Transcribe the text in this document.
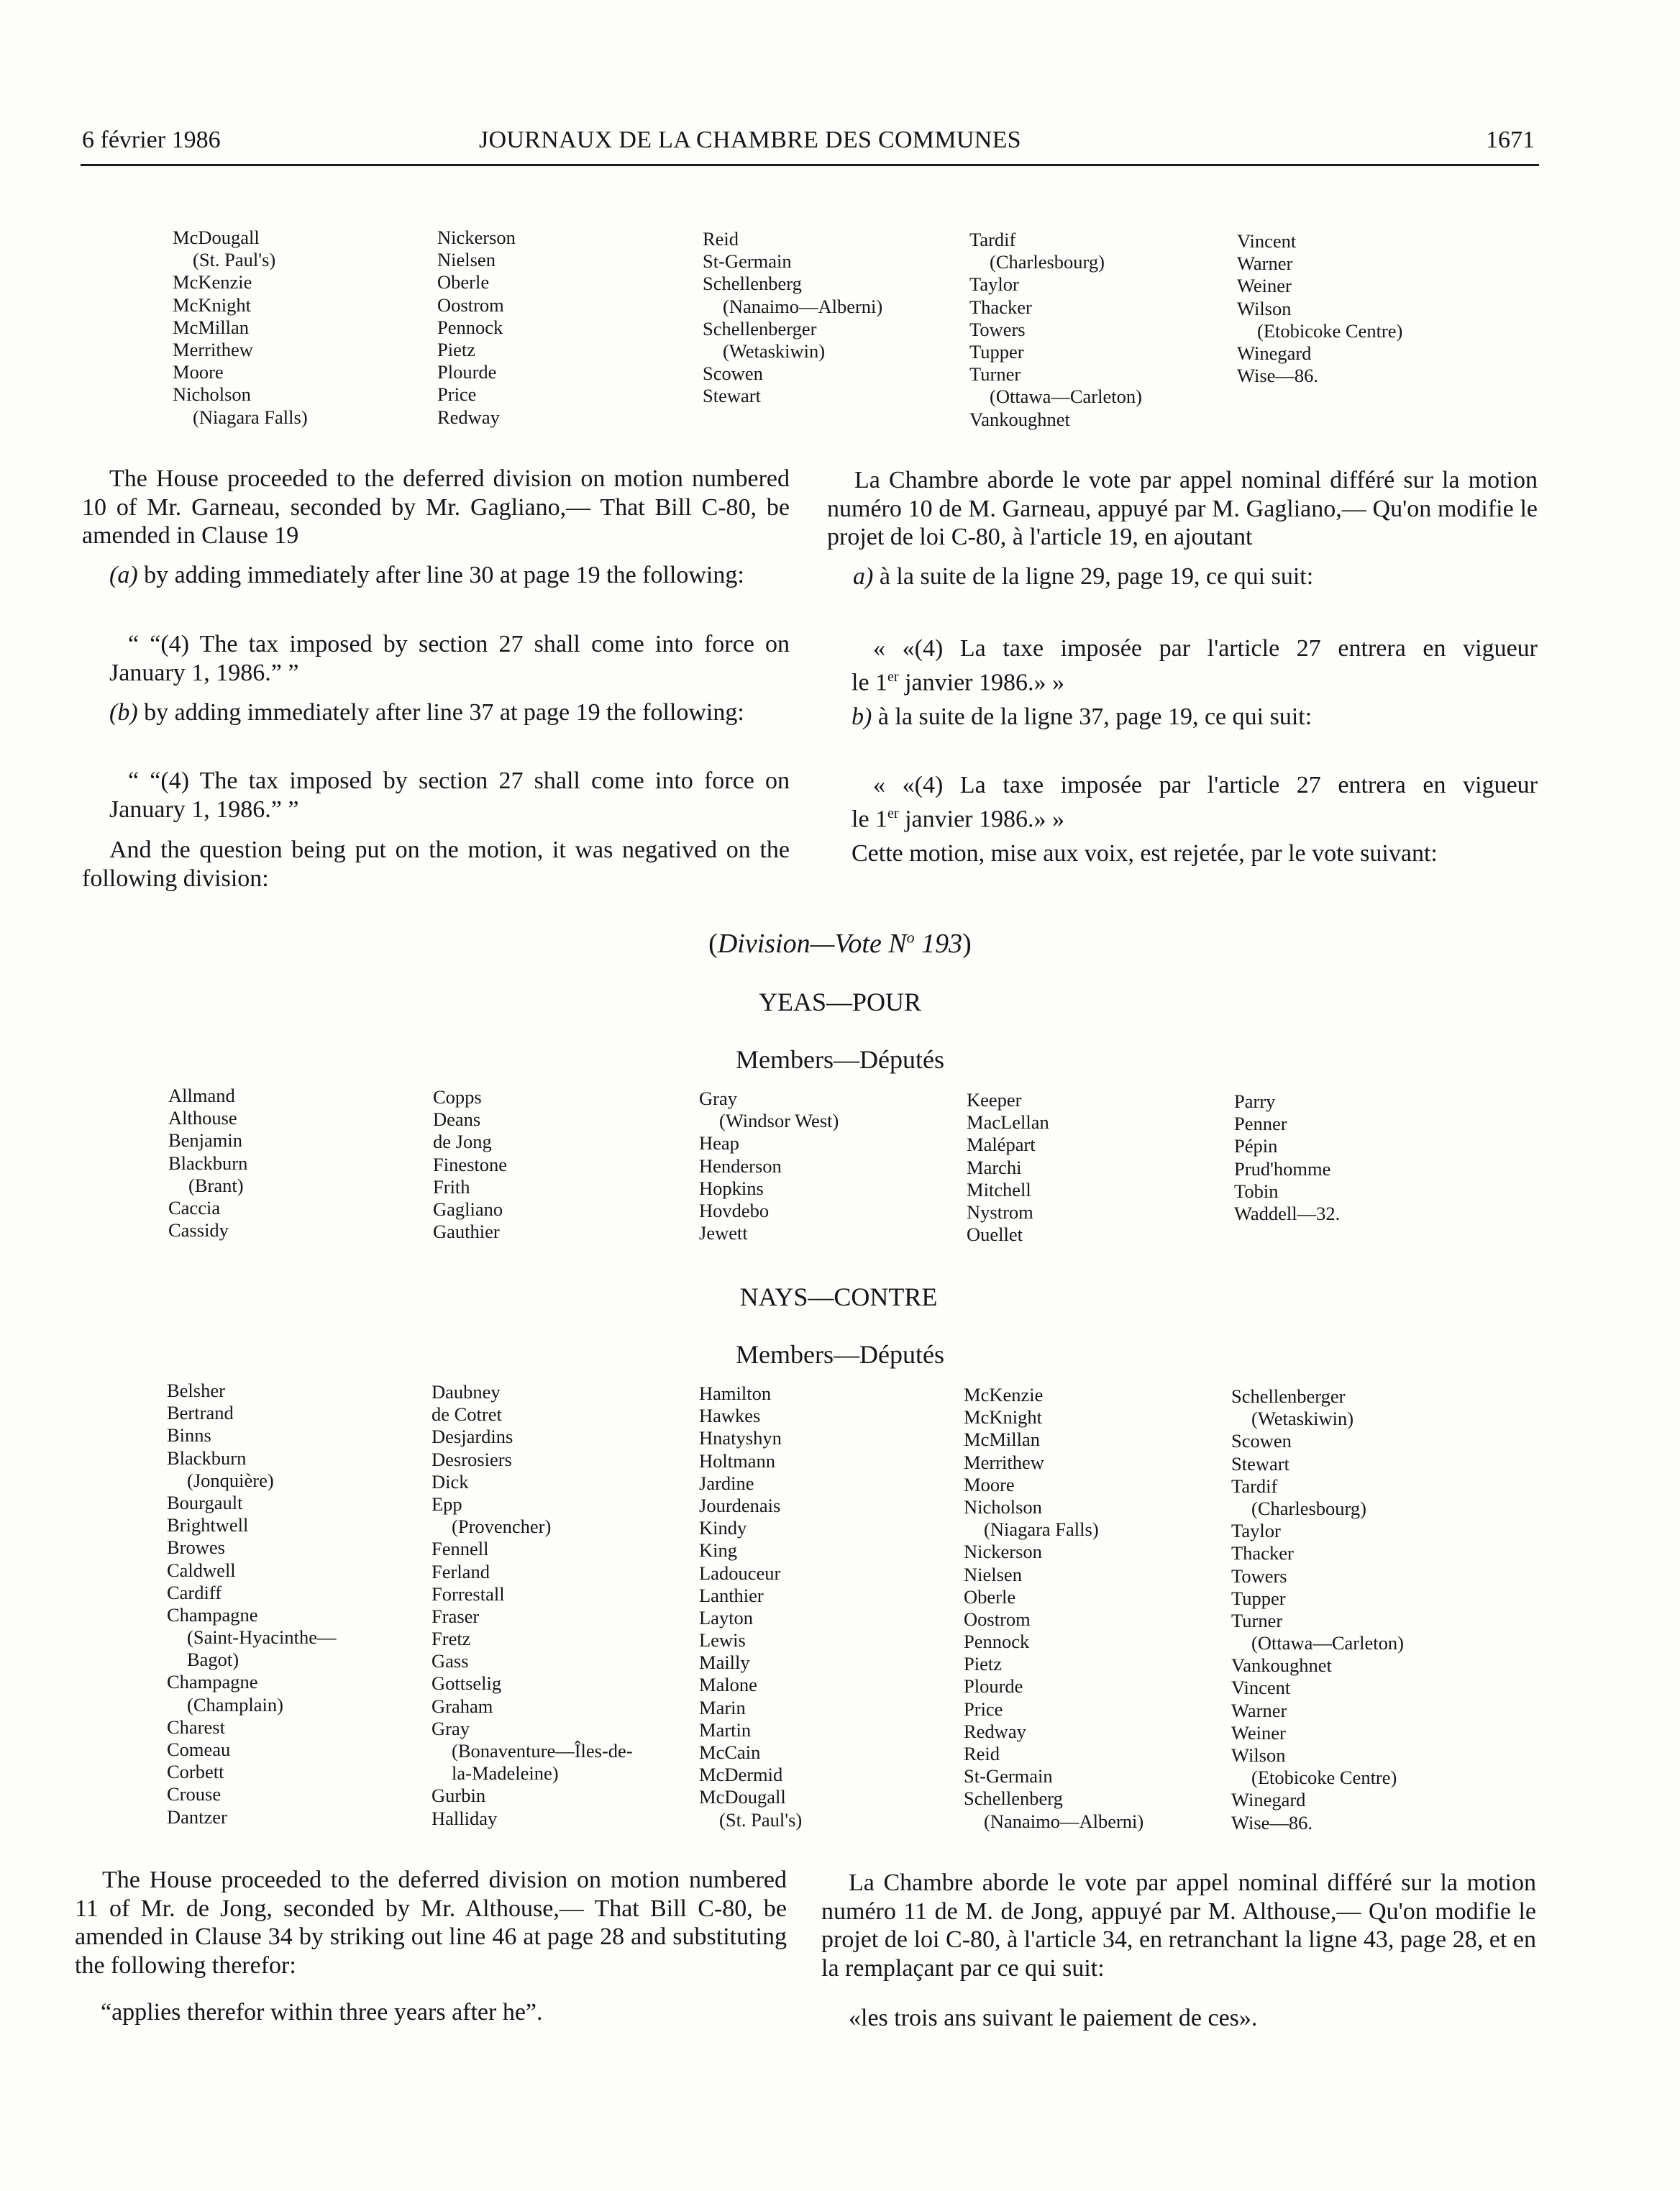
6 février 1986	JOURNAUX DE LA CHAMBRE DES COMMUNES	1671
McDougall
(St. Paul's)
McKenzie
McKnight
McMillan
Merrithew
Moore
Nicholson
(Niagara Falls)
Nickerson
Nielsen
Oberle
Oostrom
Pennock
Pietz
Plourde
Price
Redway
Reid
St-Germain
Schellenberg
(Nanaimo—Alberni)
Schellenberger
(Wetaskiwin)
Scowen
Stewart
Tardif
(Charlesbourg)
Taylor
Thacker
Towers
Tupper
Turner
(Ottawa—Carleton)
Vankoughnet
Vincent
Warner
Weiner
Wilson
(Etobicoke Centre)
Winegard
Wise—86.
The House proceeded to the deferred division on motion numbered 10 of Mr. Garneau, seconded by Mr. Gagliano,— That Bill C-80, be amended in Clause 19
(a) by adding immediately after line 30 at page 19 the following:
“ “(4) The tax imposed by section 27 shall come into force on January 1, 1986.” ”
(b) by adding immediately after line 37 at page 19 the following:
“ “(4) The tax imposed by section 27 shall come into force on January 1, 1986.” ”
And the question being put on the motion, it was negatived on the following division:
La Chambre aborde le vote par appel nominal différé sur la motion numéro 10 de M. Garneau, appuyé par M. Gagliano,— Qu'on modifie le projet de loi C-80, à l'article 19, en ajoutant
a) à la suite de la ligne 29, page 19, ce qui suit:
« «(4) La taxe imposée par l'article 27 entrera en vigueur
le 1er janvier 1986.» »
b) à la suite de la ligne 37, page 19, ce qui suit:
« «(4) La taxe imposée par l'article 27 entrera en vigueur
le 1er janvier 1986.» »
Cette motion, mise aux voix, est rejetée, par le vote suivant:
(Division—Vote $N^o$ 193)
YEAS—POUR
Members—Députés
Allmand
Althouse
Benjamin
Blackburn
(Brant)
Caccia
Cassidy
Copps
Deans
de Jong
Finestone
Frith
Gagliano
Gauthier
Gray
(Windsor West)
Heap
Henderson
Hopkins
Hovdebo
Jewett
Keeper
MacLellan
Malépart
Marchi
Mitchell
Nystrom
Ouellet
Parry
Penner
Pépin
Prud'homme
Tobin
Waddell—32.
NAYS—CONTRE
Members—Députés
Belsher
Bertrand
Binns
Blackburn
(Jonquière)
Bourgault
Brightwell
Browes
Caldwell
Cardiff
Champagne
(Saint-Hyacinthe—
Bagot)
Champagne
(Champlain)
Charest
Comeau
Corbett
Crouse
Dantzer
Daubney
de Cotret
Desjardins
Desrosiers
Dick
Epp
(Provencher)
Fennell
Ferland
Forrestall
Fraser
Fretz
Gass
Gottselig
Graham
Gray
(Bonaventure—Îles-de-
la-Madeleine)
Gurbin
Halliday
Hamilton
Hawkes
Hnatyshyn
Holtmann
Jardine
Jourdenais
Kindy
King
Ladouceur
Lanthier
Layton
Lewis
Mailly
Malone
Marin
Martin
McCain
McDermid
McDougall
(St. Paul's)
McKenzie
McKnight
McMillan
Merrithew
Moore
Nicholson
(Niagara Falls)
Nickerson
Nielsen
Oberle
Oostrom
Pennock
Pietz
Plourde
Price
Redway
Reid
St-Germain
Schellenberg
(Nanaimo—Alberni)
Schellenberger
(Wetaskiwin)
Scowen
Stewart
Tardif
(Charlesbourg)
Taylor
Thacker
Towers
Tupper
Turner
(Ottawa—Carleton)
Vankoughnet
Vincent
Warner
Weiner
Wilson
(Etobicoke Centre)
Winegard
Wise—86.
The House proceeded to the deferred division on motion numbered 11 of Mr. de Jong, seconded by Mr. Althouse,— That Bill C-80, be amended in Clause 34 by striking out line 46 at page 28 and substituting the following therefor:
“applies therefor within three years after he”.
La Chambre aborde le vote par appel nominal différé sur la motion numéro 11 de M. de Jong, appuyé par M. Althouse,— Qu'on modifie le projet de loi C-80, à l'article 34, en retranchant la ligne 43, page 28, et en la remplaçant par ce qui suit:
«les trois ans suivant le paiement de ces».
